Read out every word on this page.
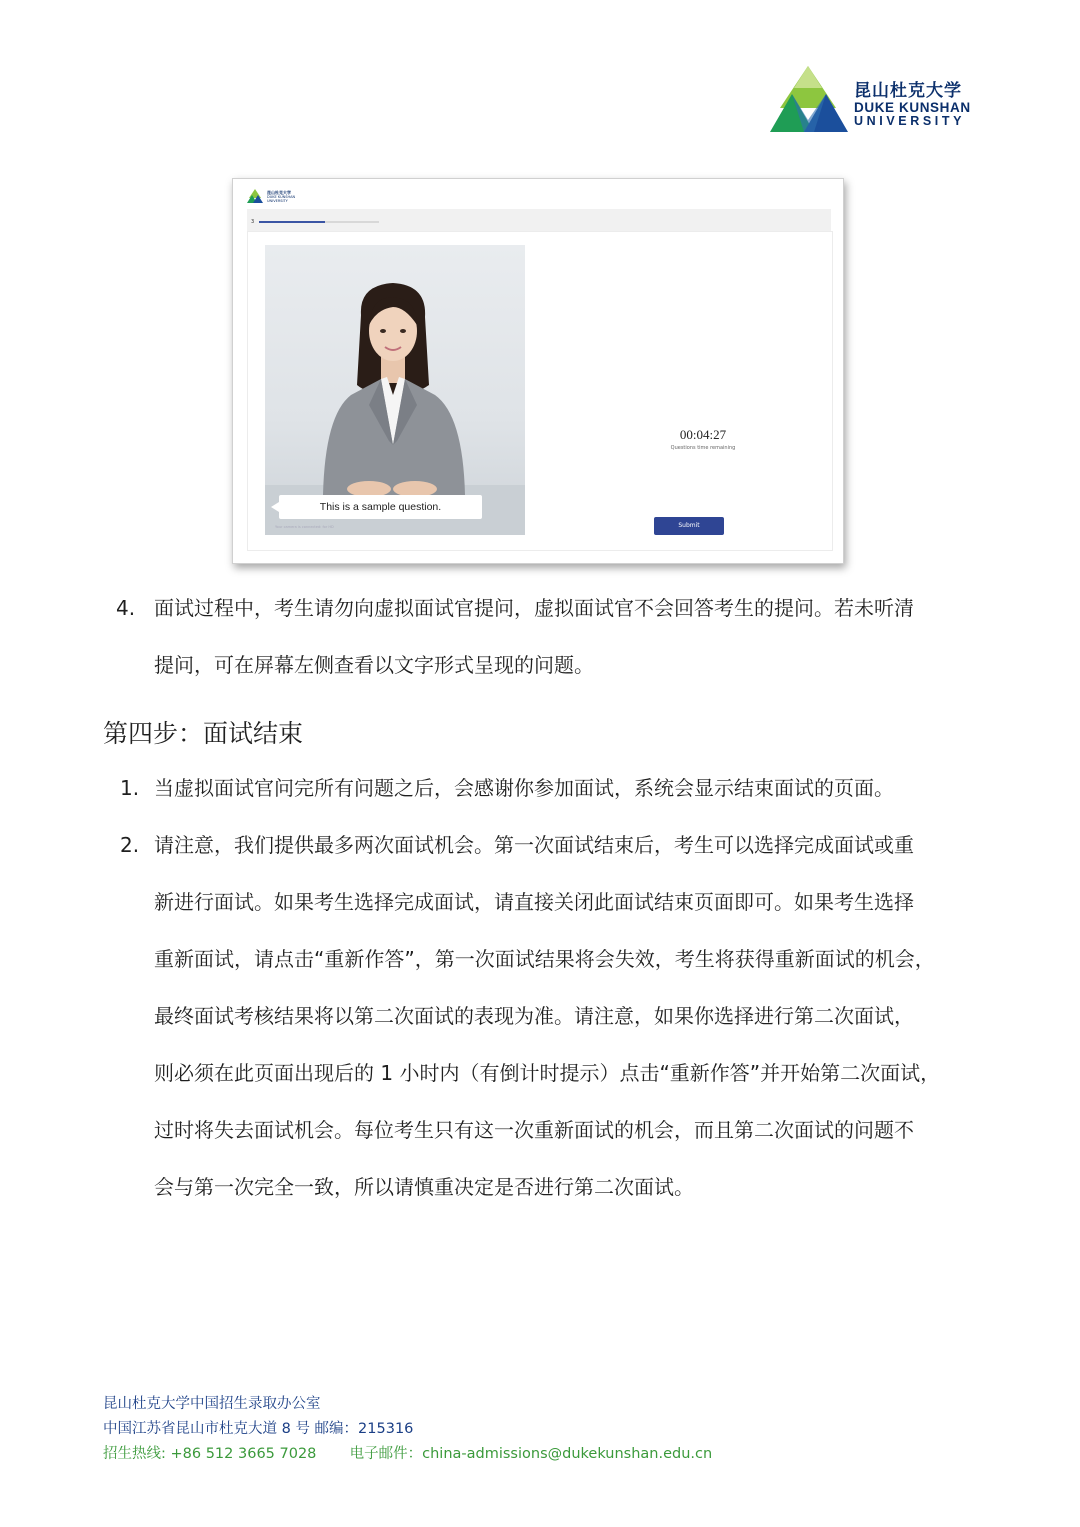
昆山杜克大学
DUKE KUNSHAN
UNIVERSITY
昆山杜克大学
DUKE KUNSHAN
UNIVERSITY
3
This is a sample question.
Your camera is connected: for HD
00:04:27
Questions time remaining
Submit
4. 面试过程中，考生请勿向虚拟面试官提问，虚拟面试官不会回答考生的提问。若未听清
提问，可在屏幕左侧查看以文字形式呈现的问题。
第四步：面试结束
1. 当虚拟面试官问完所有问题之后，会感谢你参加面试，系统会显示结束面试的页面。
2. 请注意，我们提供最多两次面试机会。第一次面试结束后，考生可以选择完成面试或重
新进行面试。如果考生选择完成面试，请直接关闭此面试结束页面即可。如果考生选择
重新面试，请点击“重新作答”，第一次面试结果将会失效，考生将获得重新面试的机会，
最终面试考核结果将以第二次面试的表现为准。请注意，如果你选择进行第二次面试，
则必须在此页面出现后的 1 小时内（有倒计时提示）点击“重新作答”并开始第二次面试，
过时将失去面试机会。每位考生只有这一次重新面试的机会，而且第二次面试的问题不
会与第一次完全一致，所以请慎重决定是否进行第二次面试。
昆山杜克大学中国招生录取办公室
中国江苏省昆山市杜克大道 8 号 邮编：215316
招生热线: +86 512 3665 7028 电子邮件：china-admissions@dukekunshan.edu.cn
